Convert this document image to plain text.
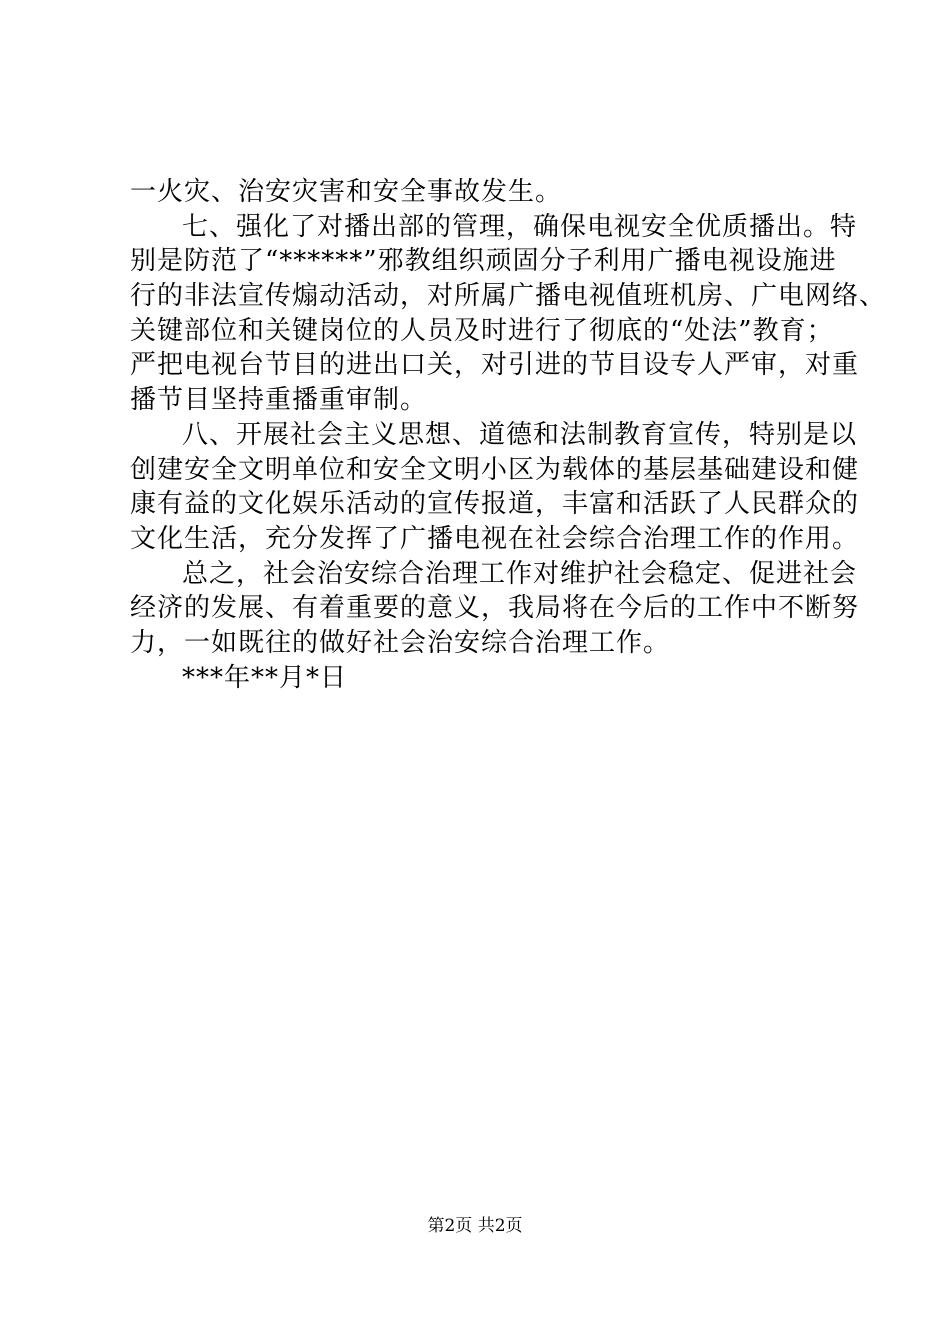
一火灾、治安灾害和安全事故发生。
七、强化了对播出部的管理，确保电视安全优质播出。特
别是防范了“******”邪教组织顽固分子利用广播电视设施进
行的非法宣传煽动活动，对所属广播电视值班机房、广电网络、
关键部位和关键岗位的人员及时进行了彻底的“处法”教育；
严把电视台节目的进出口关，对引进的节目设专人严审，对重
播节目坚持重播重审制。
八、开展社会主义思想、道德和法制教育宣传，特别是以
创建安全文明单位和安全文明小区为载体的基层基础建设和健
康有益的文化娱乐活动的宣传报道，丰富和活跃了人民群众的
文化生活，充分发挥了广播电视在社会综合治理工作的作用。
总之，社会治安综合治理工作对维护社会稳定、促进社会
经济的发展、有着重要的意义，我局将在今后的工作中不断努
力，一如既往的做好社会治安综合治理工作。
***年**月*日
第2页 共2页
